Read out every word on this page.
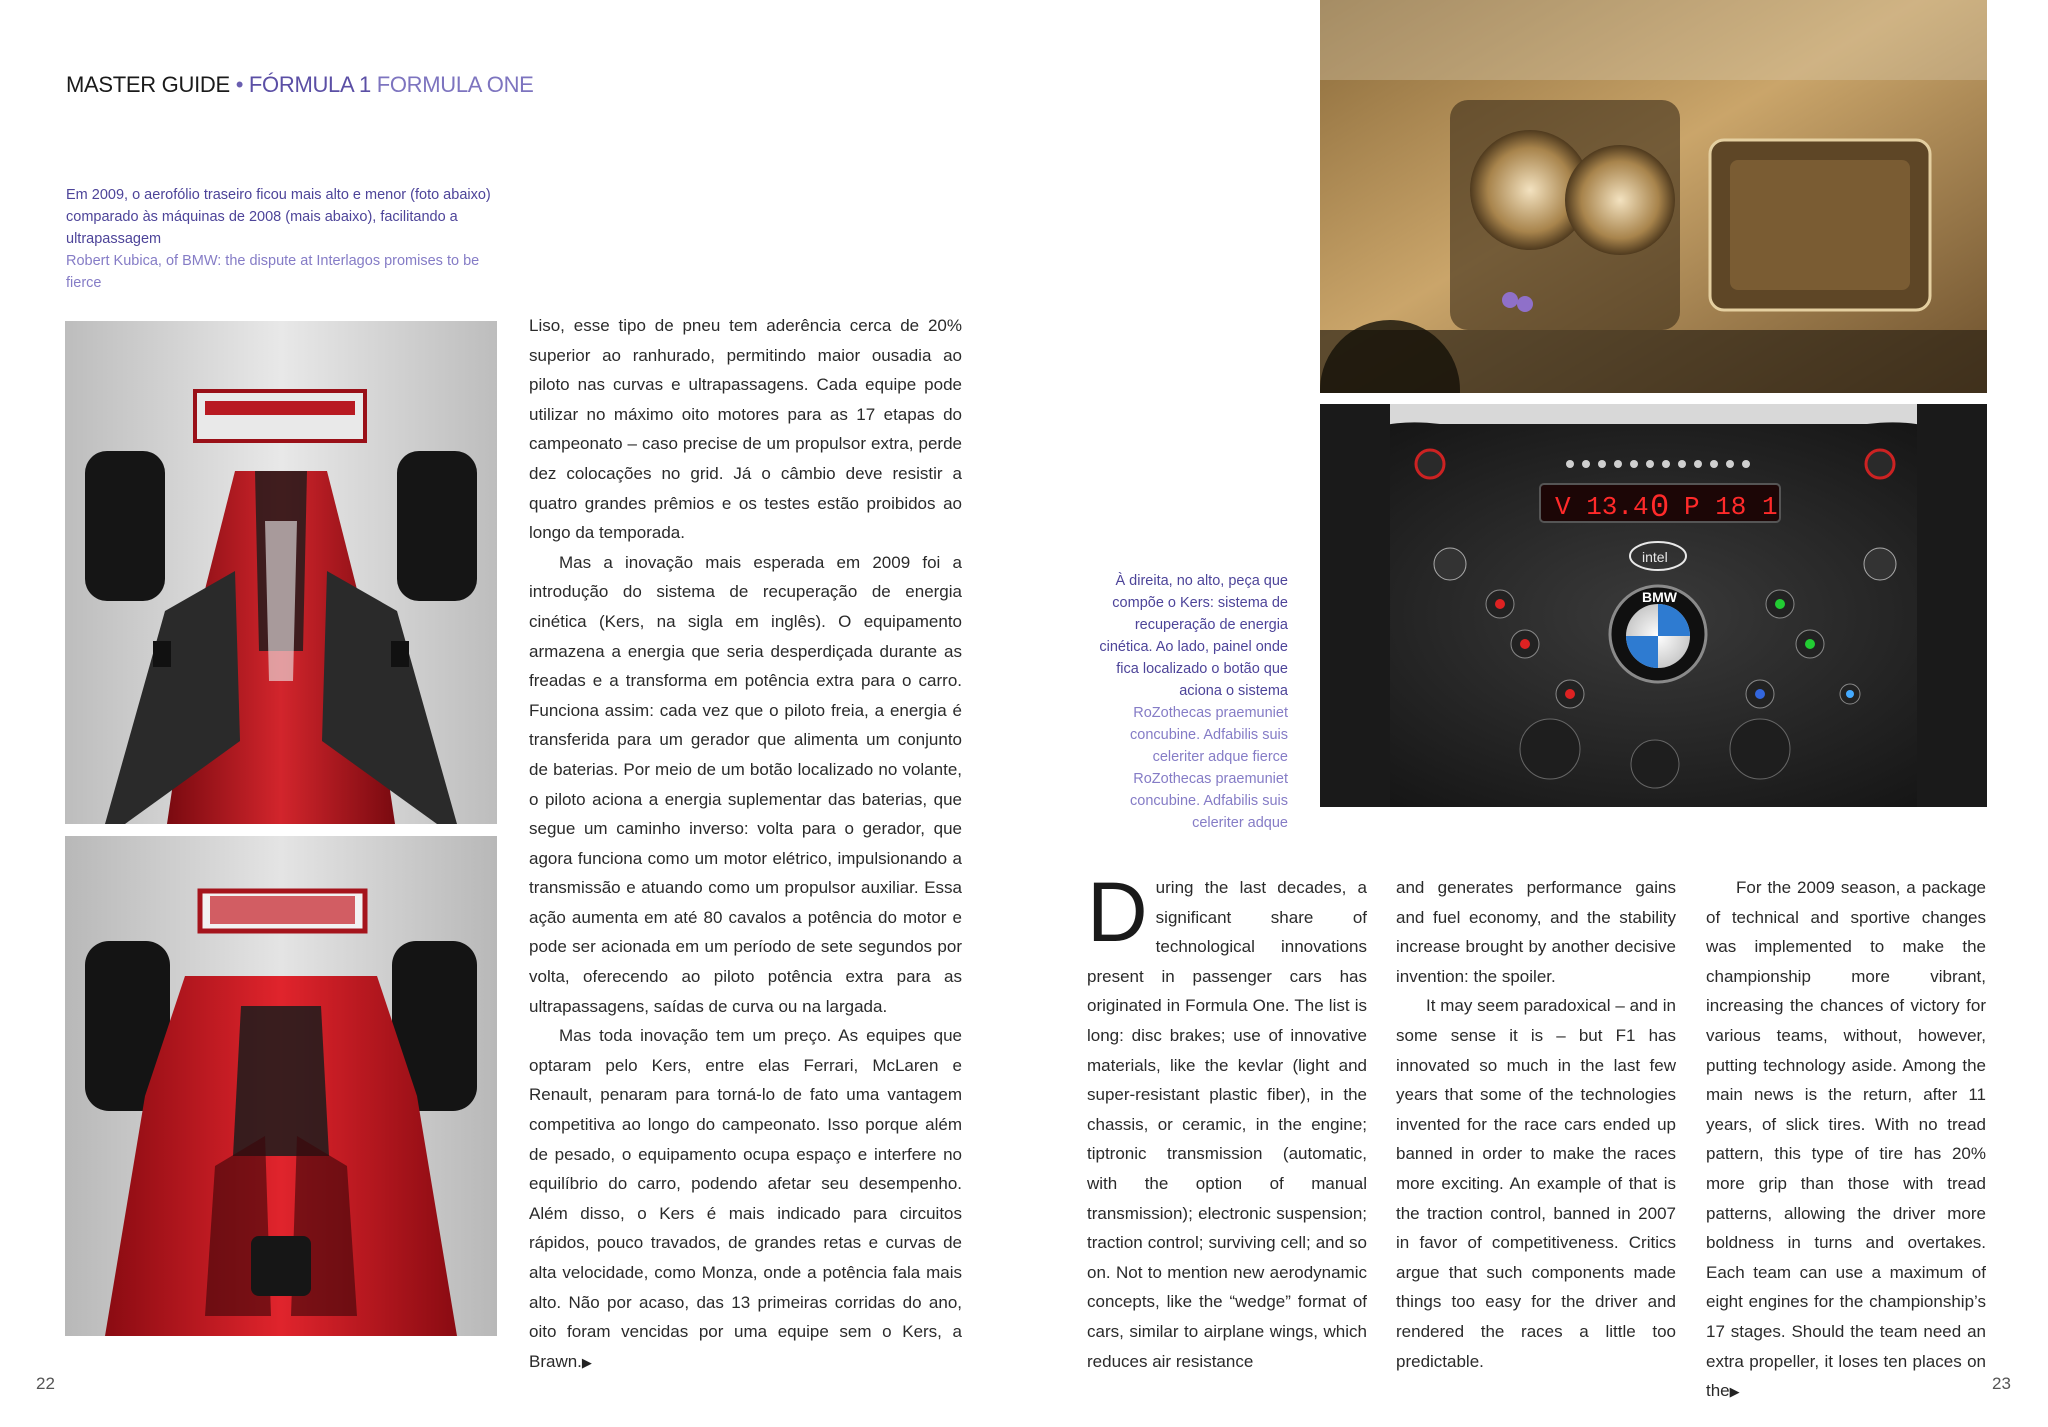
MASTER GUIDE • FÓRMULA 1 FORMULA ONE
Em 2009, o aerofólio traseiro ficou mais alto e menor (foto abaixo) comparado às máquinas de 2008 (mais abaixo), facilitando a ultrapassagem
Robert Kubica, of BMW: the dispute at Interlagos promises to be fierce

Liso, esse tipo de pneu tem aderência cerca de 20% superior ao ranhurado, permitindo maior ousadia ao piloto nas curvas e ultrapassagens. Cada equipe pode utilizar no máximo oito motores para as 17 etapas do campeonato – caso precise de um propulsor extra, perde dez colocações no grid. Já o câmbio deve resistir a quatro grandes prêmios e os testes estão proibidos ao longo da temporada.

Mas a inovação mais esperada em 2009 foi a introdução do sistema de recuperação de energia cinética (Kers, na sigla em inglês). O equipamento armazena a energia que seria desperdiçada durante as freadas e a transforma em potência extra para o carro. Funciona assim: cada vez que o piloto freia, a energia é transferida para um gerador que alimenta um conjunto de baterias. Por meio de um botão localizado no volante, o piloto aciona a energia suplementar das baterias, que segue um caminho inverso: volta para o gerador, que agora funciona como um motor elétrico, impulsionando a transmissão e atuando como um propulsor auxiliar. Essa ação aumenta em até 80 cavalos a potência do motor e pode ser acionada em um período de sete segundos por volta, oferecendo ao piloto potência extra para as ultrapassagens, saídas de curva ou na largada.

Mas toda inovação tem um preço. As equipes que optaram pelo Kers, entre elas Ferrari, McLaren e Renault, penaram para torná-lo de fato uma vantagem competitiva ao longo do campeonato. Isso porque além de pesado, o equipamento ocupa espaço e interfere no equilíbrio do carro, podendo afetar seu desempenho. Além disso, o Kers é mais indicado para circuitos rápidos, pouco travados, de grandes retas e curvas de alta velocidade, como Monza, onde a potência fala mais alto. Não por acaso, das 13 primeiras corridas do ano, oito foram vencidas por uma equipe sem o Kers, a Brawn.▶

V 13.4 0 P 18 1
intel
BMW
À direita, no alto, peça que compõe o Kers: sistema de recuperação de energia cinética. Ao lado, painel onde fica localizado o botão que aciona o sistema
RoZothecas praemuniet concubine. Adfabilis suis celeriter adque fierce RoZothecas praemuniet concubine. Adfabilis suis celeriter adque

During the last decades, a significant share of technological innovations present in passenger cars has originated in Formula One. The list is long: disc brakes; use of innovative materials, like the kevlar (light and super-resistant plastic fiber), in the chassis, or ceramic, in the engine; tiptronic transmission (automatic, with the option of manual transmission); electronic suspension; traction control; surviving cell; and so on. Not to mention new aerodynamic concepts, like the “wedge” format of cars, similar to airplane wings, which reduces air resistance

and generates performance gains and fuel economy, and the stability increase brought by another decisive invention: the spoiler.

It may seem paradoxical – and in some sense it is – but F1 has innovated so much in the last few years that some of the technologies invented for the race cars ended up banned in order to make the races more exciting. An example of that is the traction control, banned in 2007 in favor of competitiveness. Critics argue that such components made things too easy for the driver and rendered the races a little too predictable.

For the 2009 season, a package of technical and sportive changes was implemented to make the championship more vibrant, increasing the chances of victory for various teams, without, however, putting technology aside. Among the main news is the return, after 11 years, of slick tires. With no tread pattern, this type of tire has 20% more grip than those with tread patterns, allowing the driver more boldness in turns and overtakes. Each team can use a maximum of eight engines for the championship’s 17 stages. Should the team need an extra propeller, it loses ten places on the▶

22	23
